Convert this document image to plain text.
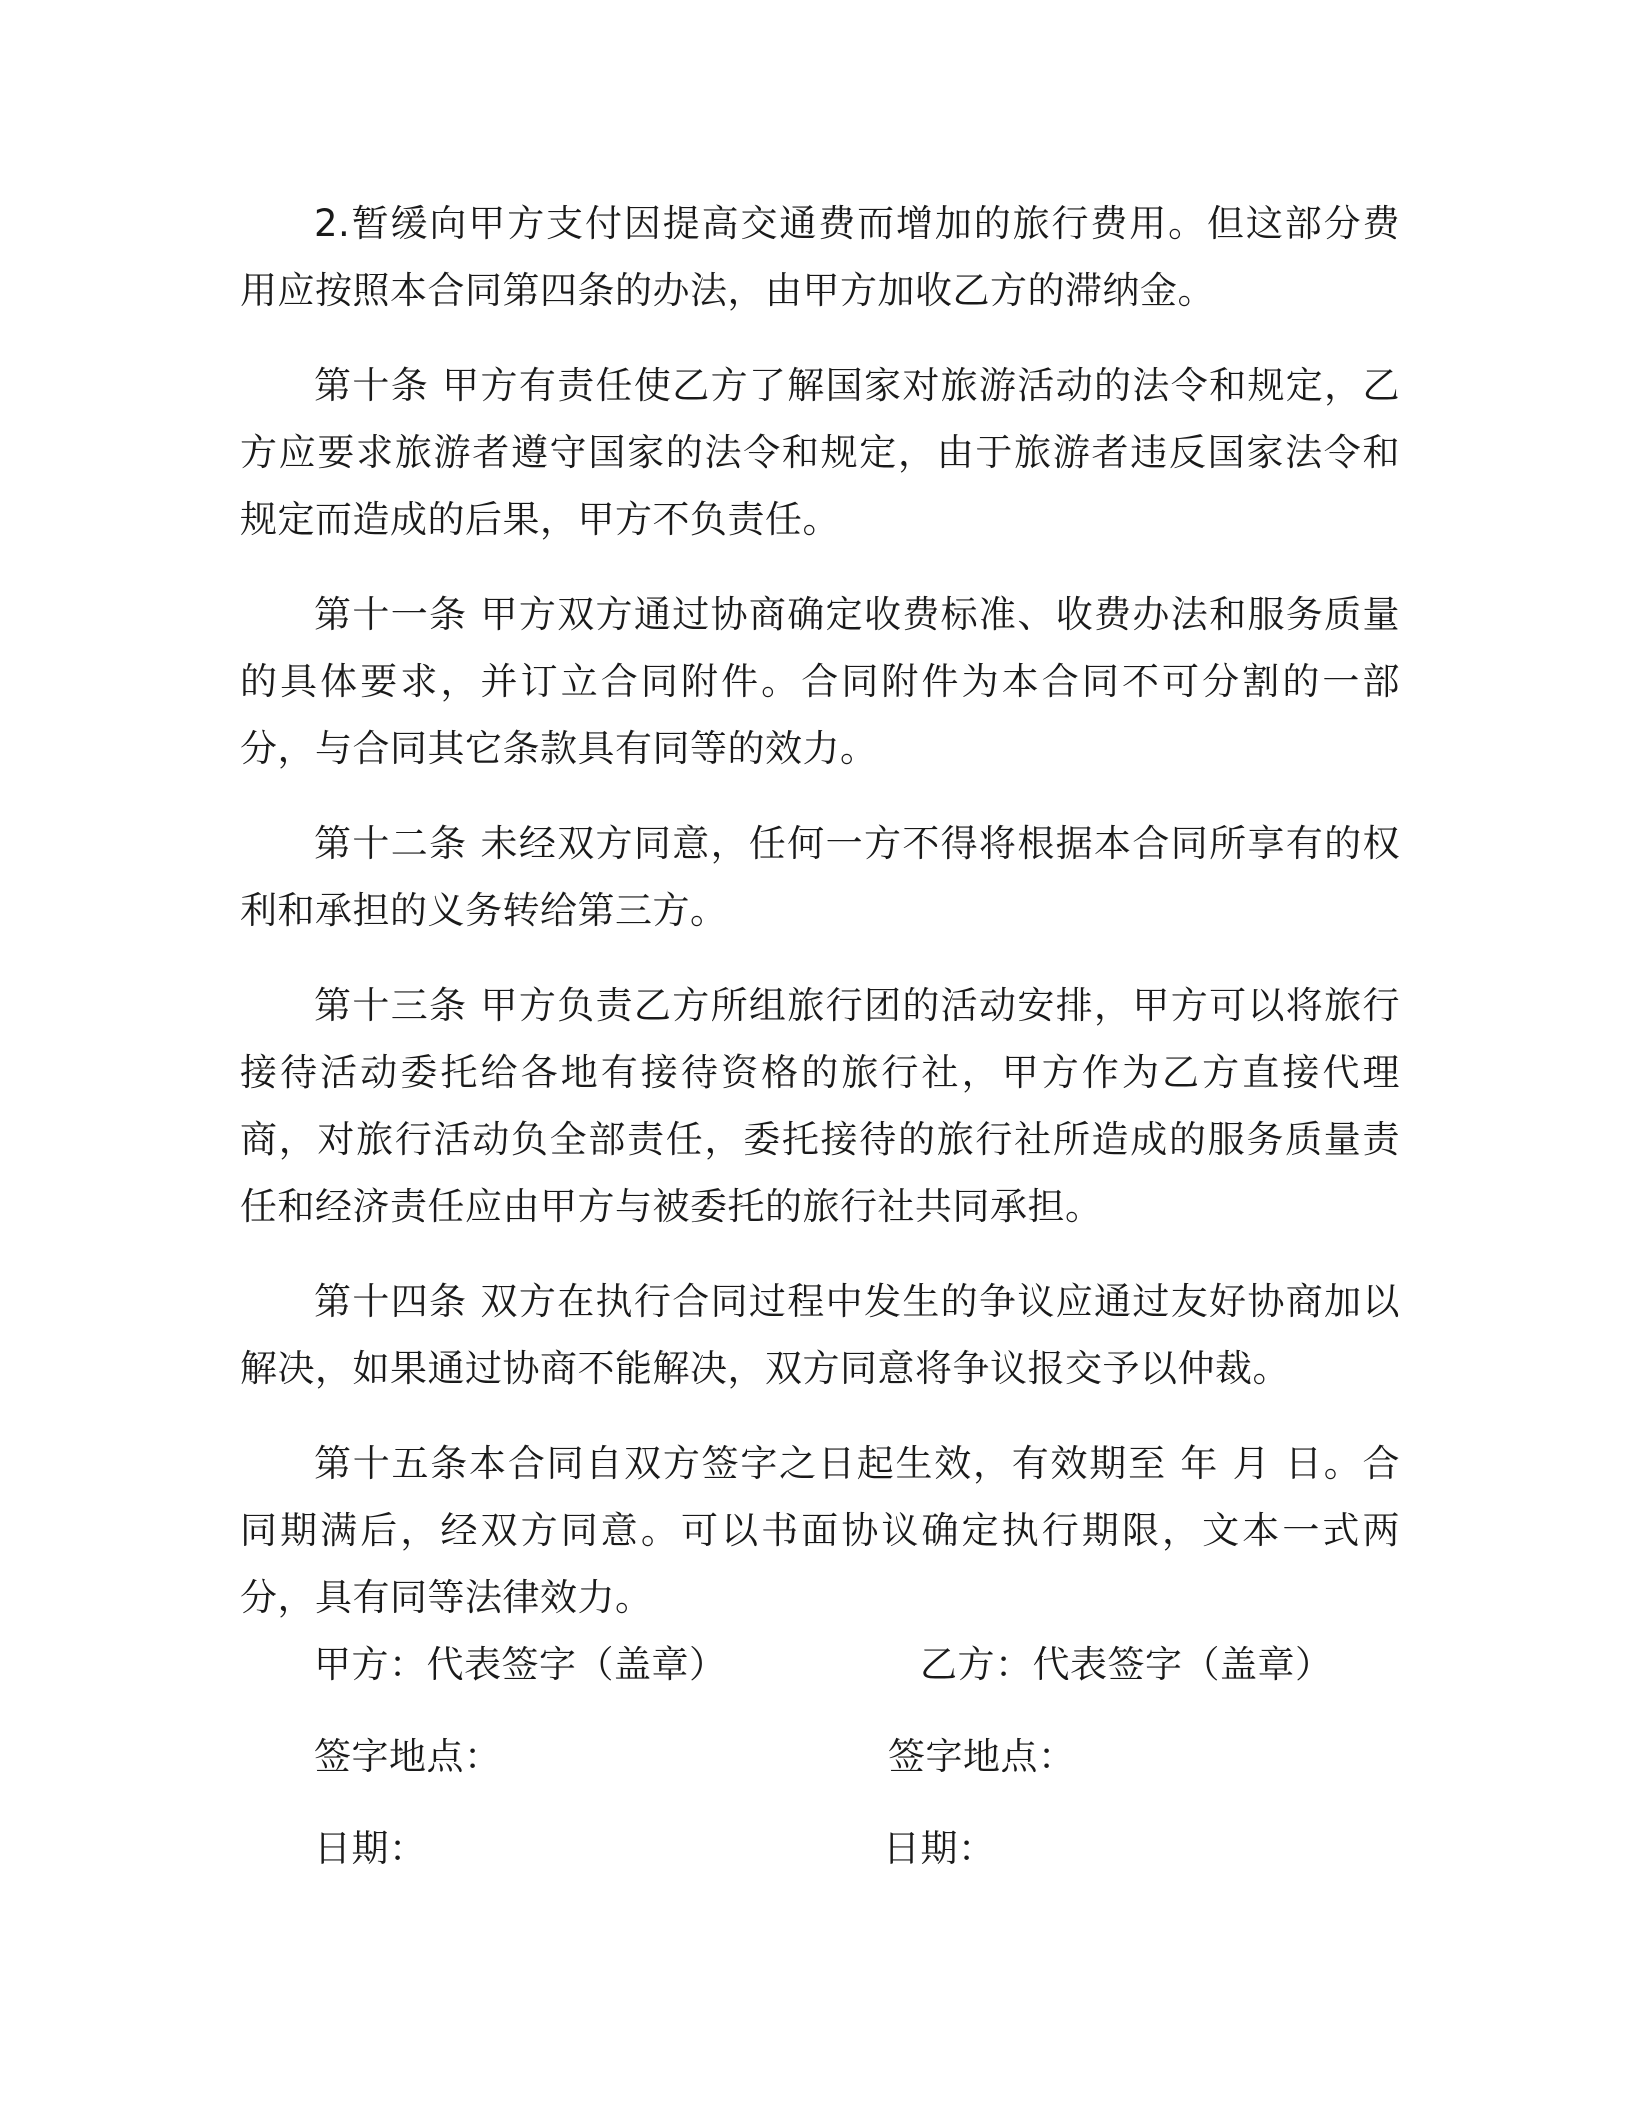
2.暂缓向甲方支付因提高交通费而增加的旅行费用。但这部分费用应按照本合同第四条的办法，由甲方加收乙方的滞纳金。

第十条 甲方有责任使乙方了解国家对旅游活动的法令和规定，乙方应要求旅游者遵守国家的法令和规定，由于旅游者违反国家法令和规定而造成的后果，甲方不负责任。

第十一条 甲方双方通过协商确定收费标准、收费办法和服务质量的具体要求，并订立合同附件。合同附件为本合同不可分割的一部分，与合同其它条款具有同等的效力。

第十二条 未经双方同意，任何一方不得将根据本合同所享有的权利和承担的义务转给第三方。

第十三条 甲方负责乙方所组旅行团的活动安排，甲方可以将旅行接待活动委托给各地有接待资格的旅行社，甲方作为乙方直接代理商，对旅行活动负全部责任，委托接待的旅行社所造成的服务质量责任和经济责任应由甲方与被委托的旅行社共同承担。

第十四条 双方在执行合同过程中发生的争议应通过友好协商加以解决，如果通过协商不能解决，双方同意将争议报交予以仲裁。

第十五条本合同自双方签字之日起生效，有效期至 年 月 日。合同期满后，经双方同意。可以书面协议确定执行期限，文本一式两分，具有同等法律效力。

甲方：代表签字（盖章）	乙方：代表签字（盖章）
签字地点：	签字地点：
日期：	日期：
